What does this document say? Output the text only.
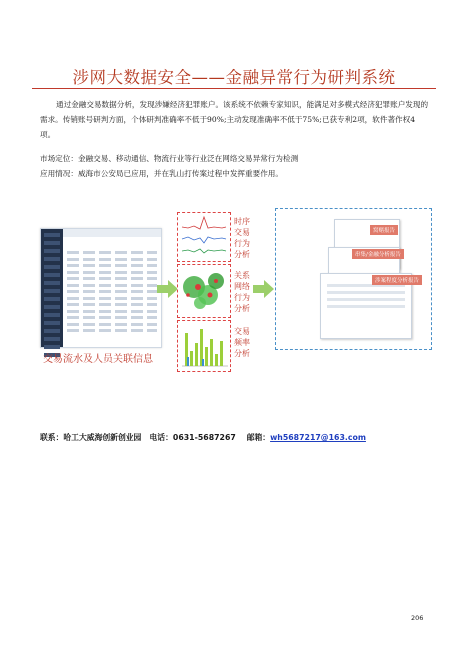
涉网大数据安全——金融异常行为研判系统
通过金融交易数据分析，发现涉嫌经济犯罪账户。该系统不依赖专家知识，能满足对多模式经济犯罪账户发现的需求。传销账号研判方面，个体研判准确率不低于90%;主动发现准确率不低于75%;已获专利2项，软件著作权4项。
市场定位：金融交易、移动通信、物流行业等行业泛在网络交易异常行为检测
应用情况：威海市公安局已应用，并在乳山打传案过程中发挥重要作用。
交易流水及人员关联信息
时序交易行为分析
关系网络行为分析
交易频率分析
窝赌报告
串集/金融分析报告
涉案程度分析报告
联系：哈工大威海创新创业园 电话：0631-5687267 邮箱：wh5687217@163.com
206
